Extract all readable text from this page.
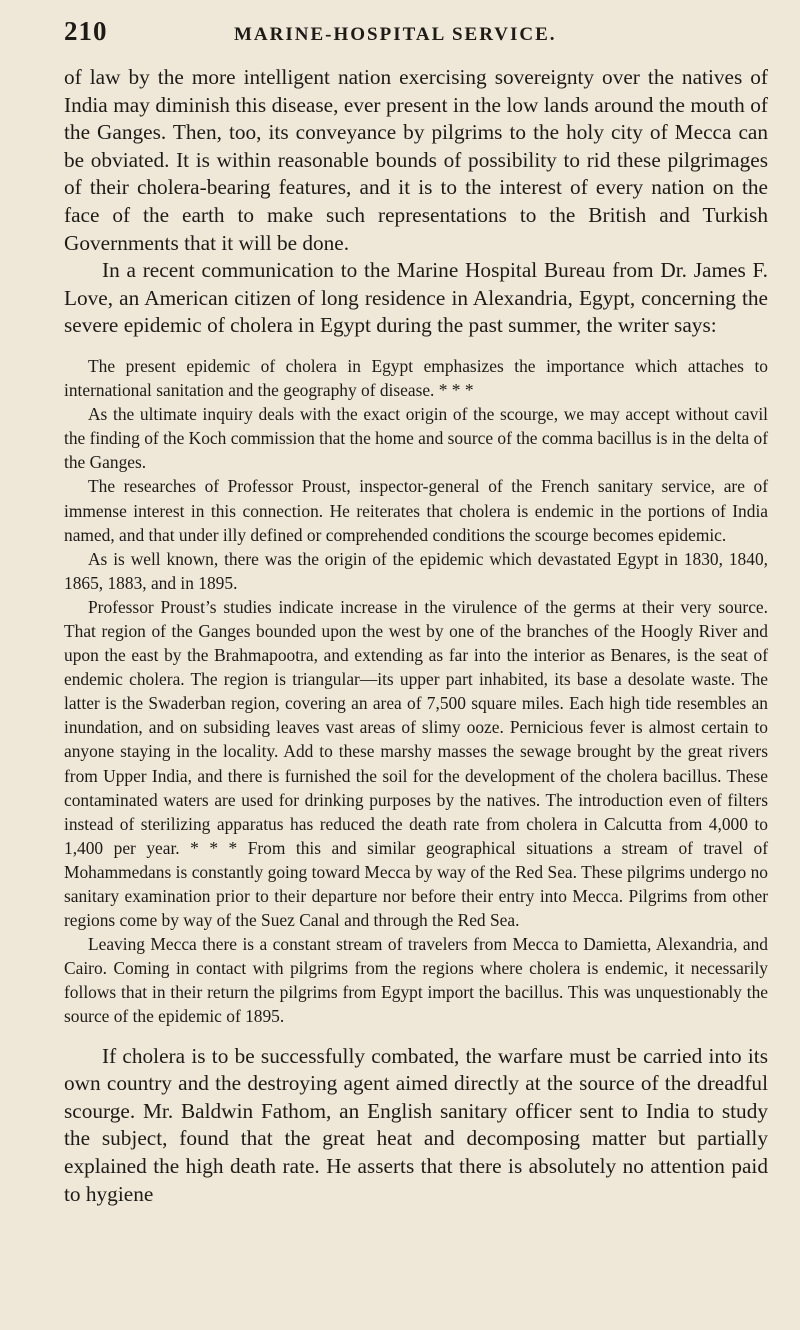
210	MARINE-HOSPITAL SERVICE.

of law by the more intelligent nation exercising sovereignty over the natives of India may diminish this disease, ever present in the low lands around the mouth of the Ganges. Then, too, its conveyance by pilgrims to the holy city of Mecca can be obviated. It is within reasonable bounds of possibility to rid these pilgrimages of their cholera-bearing features, and it is to the interest of every nation on the face of the earth to make such representations to the British and Turkish Governments that it will be done.

In a recent communication to the Marine Hospital Bureau from Dr. James F. Love, an American citizen of long residence in Alexandria, Egypt, concerning the severe epidemic of cholera in Egypt during the past summer, the writer says:

The present epidemic of cholera in Egypt emphasizes the importance which attaches to international sanitation and the geography of disease. * * *

As the ultimate inquiry deals with the exact origin of the scourge, we may accept without cavil the finding of the Koch commission that the home and source of the comma bacillus is in the delta of the Ganges.

The researches of Professor Proust, inspector-general of the French sanitary service, are of immense interest in this connection. He reiterates that cholera is endemic in the portions of India named, and that under illy defined or comprehended conditions the scourge becomes epidemic.

As is well known, there was the origin of the epidemic which devastated Egypt in 1830, 1840, 1865, 1883, and in 1895.

Professor Proust’s studies indicate increase in the virulence of the germs at their very source. That region of the Ganges bounded upon the west by one of the branches of the Hoogly River and upon the east by the Brahmapootra, and extending as far into the interior as Benares, is the seat of endemic cholera. The region is triangular—its upper part inhabited, its base a desolate waste. The latter is the Swaderban region, covering an area of 7,500 square miles. Each high tide resembles an inundation, and on subsiding leaves vast areas of slimy ooze. Pernicious fever is almost certain to anyone staying in the locality. Add to these marshy masses the sewage brought by the great rivers from Upper India, and there is furnished the soil for the development of the cholera bacillus. These contaminated waters are used for drinking purposes by the natives. The introduction even of filters instead of sterilizing apparatus has reduced the death rate from cholera in Calcutta from 4,000 to 1,400 per year. * * * From this and similar geographical situations a stream of travel of Mohammedans is constantly going toward Mecca by way of the Red Sea. These pilgrims undergo no sanitary examination prior to their departure nor before their entry into Mecca. Pilgrims from other regions come by way of the Suez Canal and through the Red Sea.

Leaving Mecca there is a constant stream of travelers from Mecca to Damietta, Alexandria, and Cairo. Coming in contact with pilgrims from the regions where cholera is endemic, it necessarily follows that in their return the pilgrims from Egypt import the bacillus. This was unquestionably the source of the epidemic of 1895.

If cholera is to be successfully combated, the warfare must be carried into its own country and the destroying agent aimed directly at the source of the dreadful scourge. Mr. Baldwin Fathom, an English sanitary officer sent to India to study the subject, found that the great heat and decomposing matter but partially explained the high death rate. He asserts that there is absolutely no attention paid to hygiene
